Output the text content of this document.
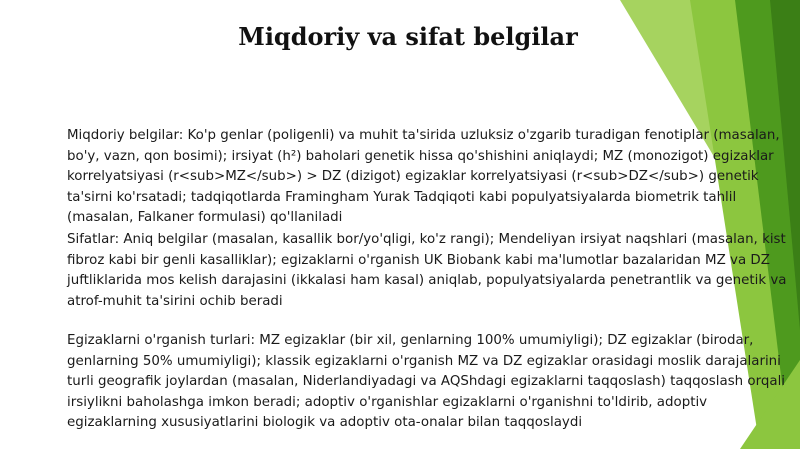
Miqdoriy va sifat belgilar

Miqdoriy belgilar: Ko'p genlar (poligenli) va muhit ta'sirida uzluksiz o'zgarib turadigan fenotiplar (masalan, bo'y, vazn, qon bosimi); irsiyat (h²) baholari genetik hissa qo'shishini aniqlaydi; MZ (monozigot) egizaklar korrelyatsiyasi (r<sub>MZ</sub>) > DZ (dizigot) egizaklar korrelyatsiyasi (r<sub>DZ</sub>) genetik ta'sirni ko'rsatadi; tadqiqotlarda Framingham Yurak Tadqiqoti kabi populyatsiyalarda biometrik tahlil (masalan, Falkaner formulasi) qo'llaniladi

Sifatlar: Aniq belgilar (masalan, kasallik bor/yo'qligi, ko'z rangi); Mendeliyan irsiyat naqshlari (masalan, kist fibroz kabi bir genli kasalliklar); egizaklarni o'rganish UK Biobank kabi ma'lumotlar bazalaridan MZ va DZ juftliklarida mos kelish darajasini (ikkalasi ham kasal) aniqlab, populyatsiyalarda penetrantlik va genetik va atrof-muhit ta'sirini ochib beradi

Egizaklarni o'rganish turlari: MZ egizaklar (bir xil, genlarning 100% umumiyligi); DZ egizaklar (birodar, genlarning 50% umumiyligi); klassik egizaklarni o'rganish MZ va DZ egizaklar orasidagi moslik darajalarini turli geografik joylardan (masalan, Niderlandiyadagi va AQShdagi egizaklarni taqqoslash) taqqoslash orqali irsiylikni baholashga imkon beradi; adoptiv o'rganishlar egizaklarni o'rganishni to'ldirib, adoptiv egizaklarning xususiyatlarini biologik va adoptiv ota-onalar bilan taqqoslaydi
